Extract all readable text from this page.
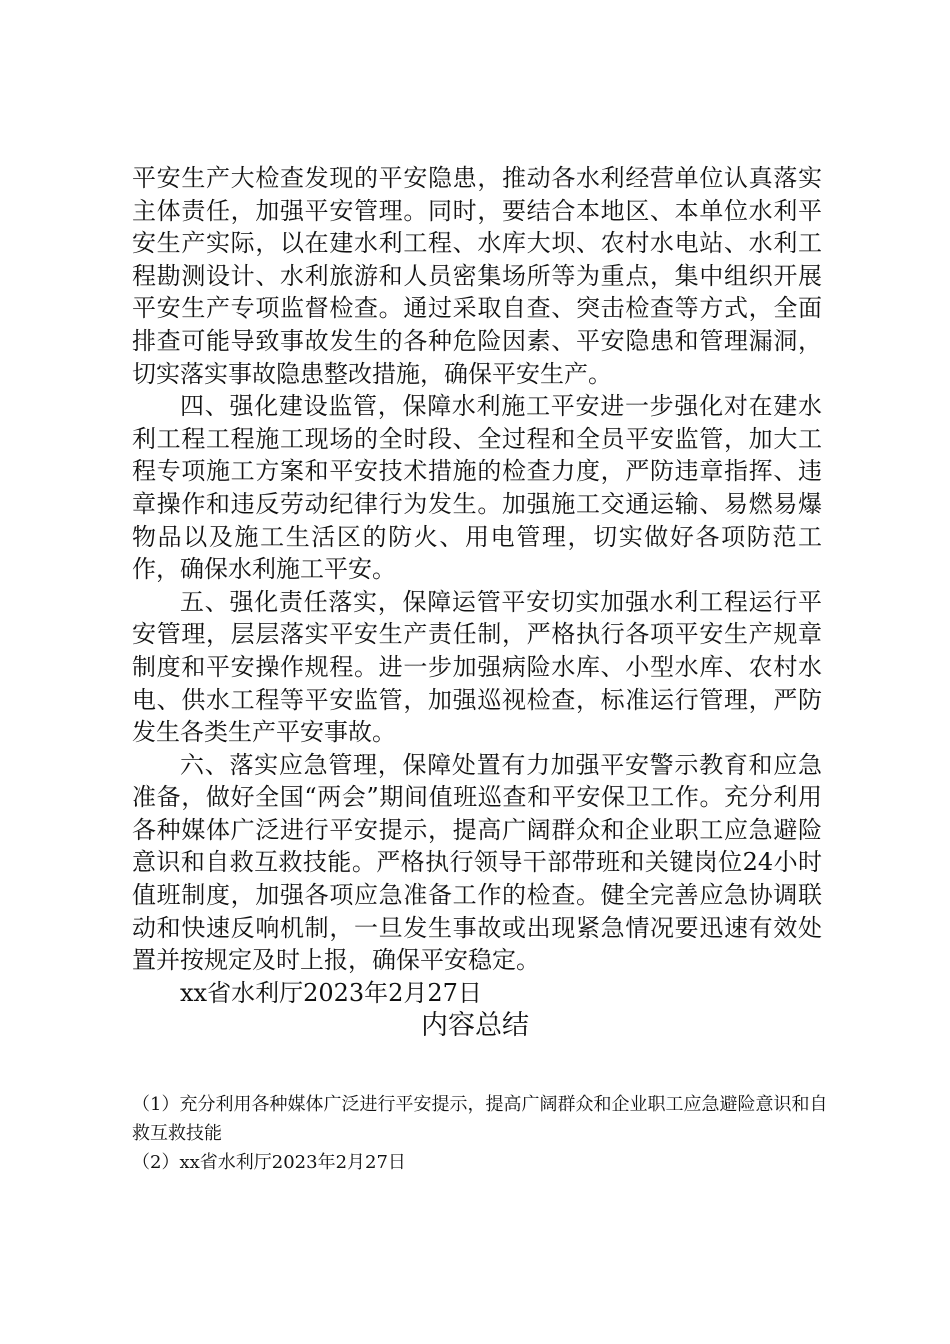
平安生产大检查发现的平安隐患，推动各水利经营单位认真落实主体责任，加强平安管理。同时，要结合本地区、本单位水利平安生产实际，以在建水利工程、水库大坝、农村水电站、水利工程勘测设计、水利旅游和人员密集场所等为重点，集中组织开展平安生产专项监督检查。通过采取自查、突击检查等方式，全面排查可能导致事故发生的各种危险因素、平安隐患和管理漏洞，切实落实事故隐患整改措施，确保平安生产。

四、强化建设监管，保障水利施工平安进一步强化对在建水利工程工程施工现场的全时段、全过程和全员平安监管，加大工程专项施工方案和平安技术措施的检查力度，严防违章指挥、违章操作和违反劳动纪律行为发生。加强施工交通运输、易燃易爆物品以及施工生活区的防火、用电管理，切实做好各项防范工作，确保水利施工平安。

五、强化责任落实，保障运管平安切实加强水利工程运行平安管理，层层落实平安生产责任制，严格执行各项平安生产规章制度和平安操作规程。进一步加强病险水库、小型水库、农村水电、供水工程等平安监管，加强巡视检查，标准运行管理，严防发生各类生产平安事故。

六、落实应急管理，保障处置有力加强平安警示教育和应急准备，做好全国“两会”期间值班巡查和平安保卫工作。充分利用各种媒体广泛进行平安提示，提高广阔群众和企业职工应急避险意识和自救互救技能。严格执行领导干部带班和关键岗位24小时值班制度，加强各项应急准备工作的检查。健全完善应急协调联动和快速反响机制，一旦发生事故或出现紧急情况要迅速有效处置并按规定及时上报，确保平安稳定。

xx省水利厅2023年2月27日

内容总结

（1）充分利用各种媒体广泛进行平安提示，提高广阔群众和企业职工应急避险意识和自救互救技能

（2）xx省水利厅2023年2月27日
